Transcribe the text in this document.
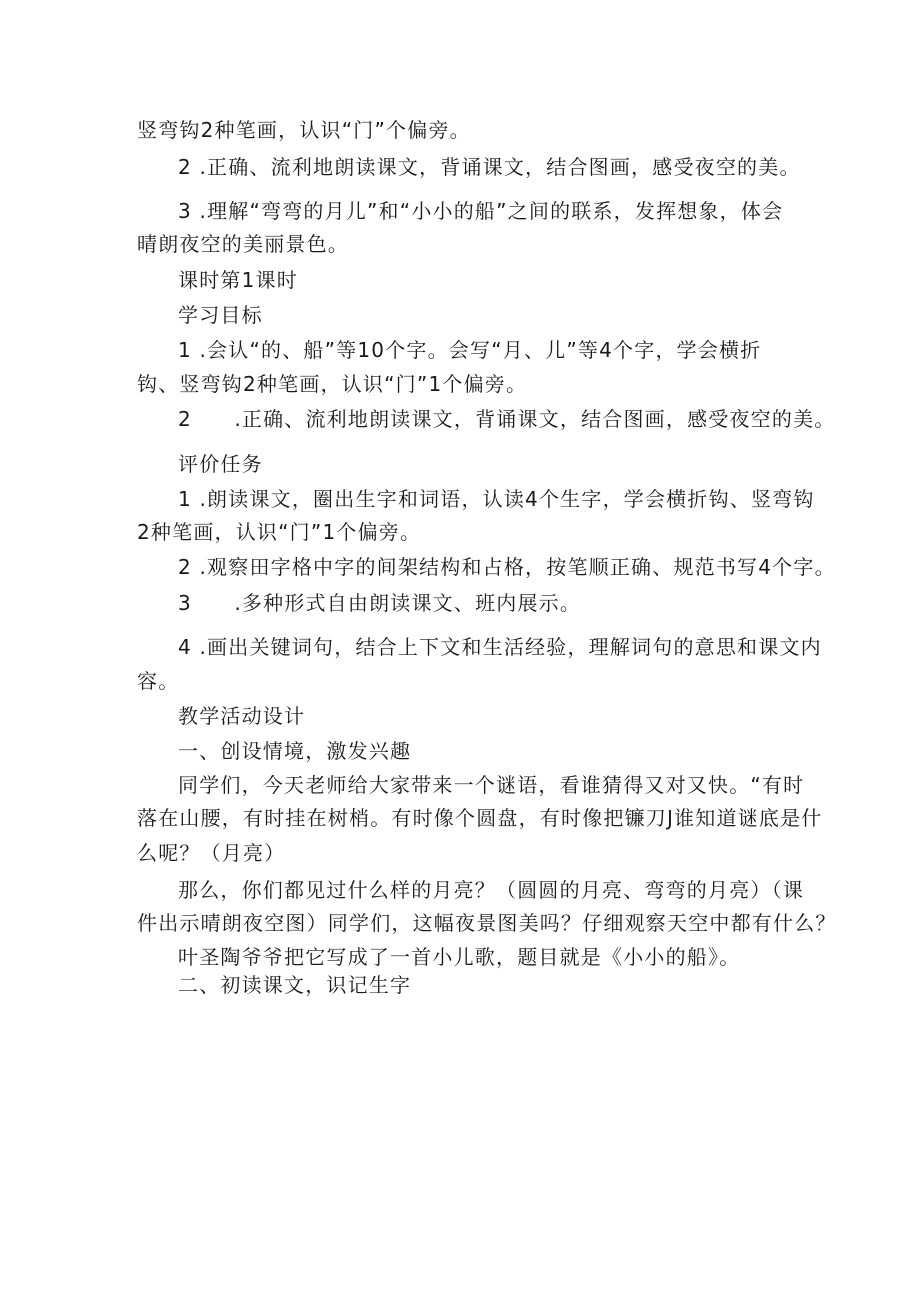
竖弯钩2种笔画，认识“门”个偏旁。
2 .正确、流利地朗读课文，背诵课文，结合图画，感受夜空的美。
3 .理解“弯弯的月儿”和“小小的船”之间的联系，发挥想象，体会
晴朗夜空的美丽景色。
课时第1课时
学习目标
1 .会认“的、船”等10个字。会写“月、儿”等4个字，学会横折
钩、竖弯钩2种笔画，认识“门”1个偏旁。
2　　.正确、流利地朗读课文，背诵课文，结合图画，感受夜空的美。
评价任务
1 .朗读课文，圈出生字和词语，认读4个生字，学会横折钩、竖弯钩
2种笔画，认识“门”1个偏旁。
2 .观察田字格中字的间架结构和占格，按笔顺正确、规范书写4个字。
3　　.多种形式自由朗读课文、班内展示。
4 .画出关键词句，结合上下文和生活经验，理解词句的意思和课文内
容。
教学活动设计
一、创设情境，激发兴趣
同学们，今天老师给大家带来一个谜语，看谁猜得又对又快。“有时
落在山腰，有时挂在树梢。有时像个圆盘，有时像把镰刀J谁知道谜底是什
么呢？（月亮）
那么，你们都见过什么样的月亮？（圆圆的月亮、弯弯的月亮）（课
件出示晴朗夜空图）同学们，这幅夜景图美吗？仔细观察天空中都有什么？
叶圣陶爷爷把它写成了一首小儿歌，题目就是《小小的船》。
二、初读课文，识记生字
